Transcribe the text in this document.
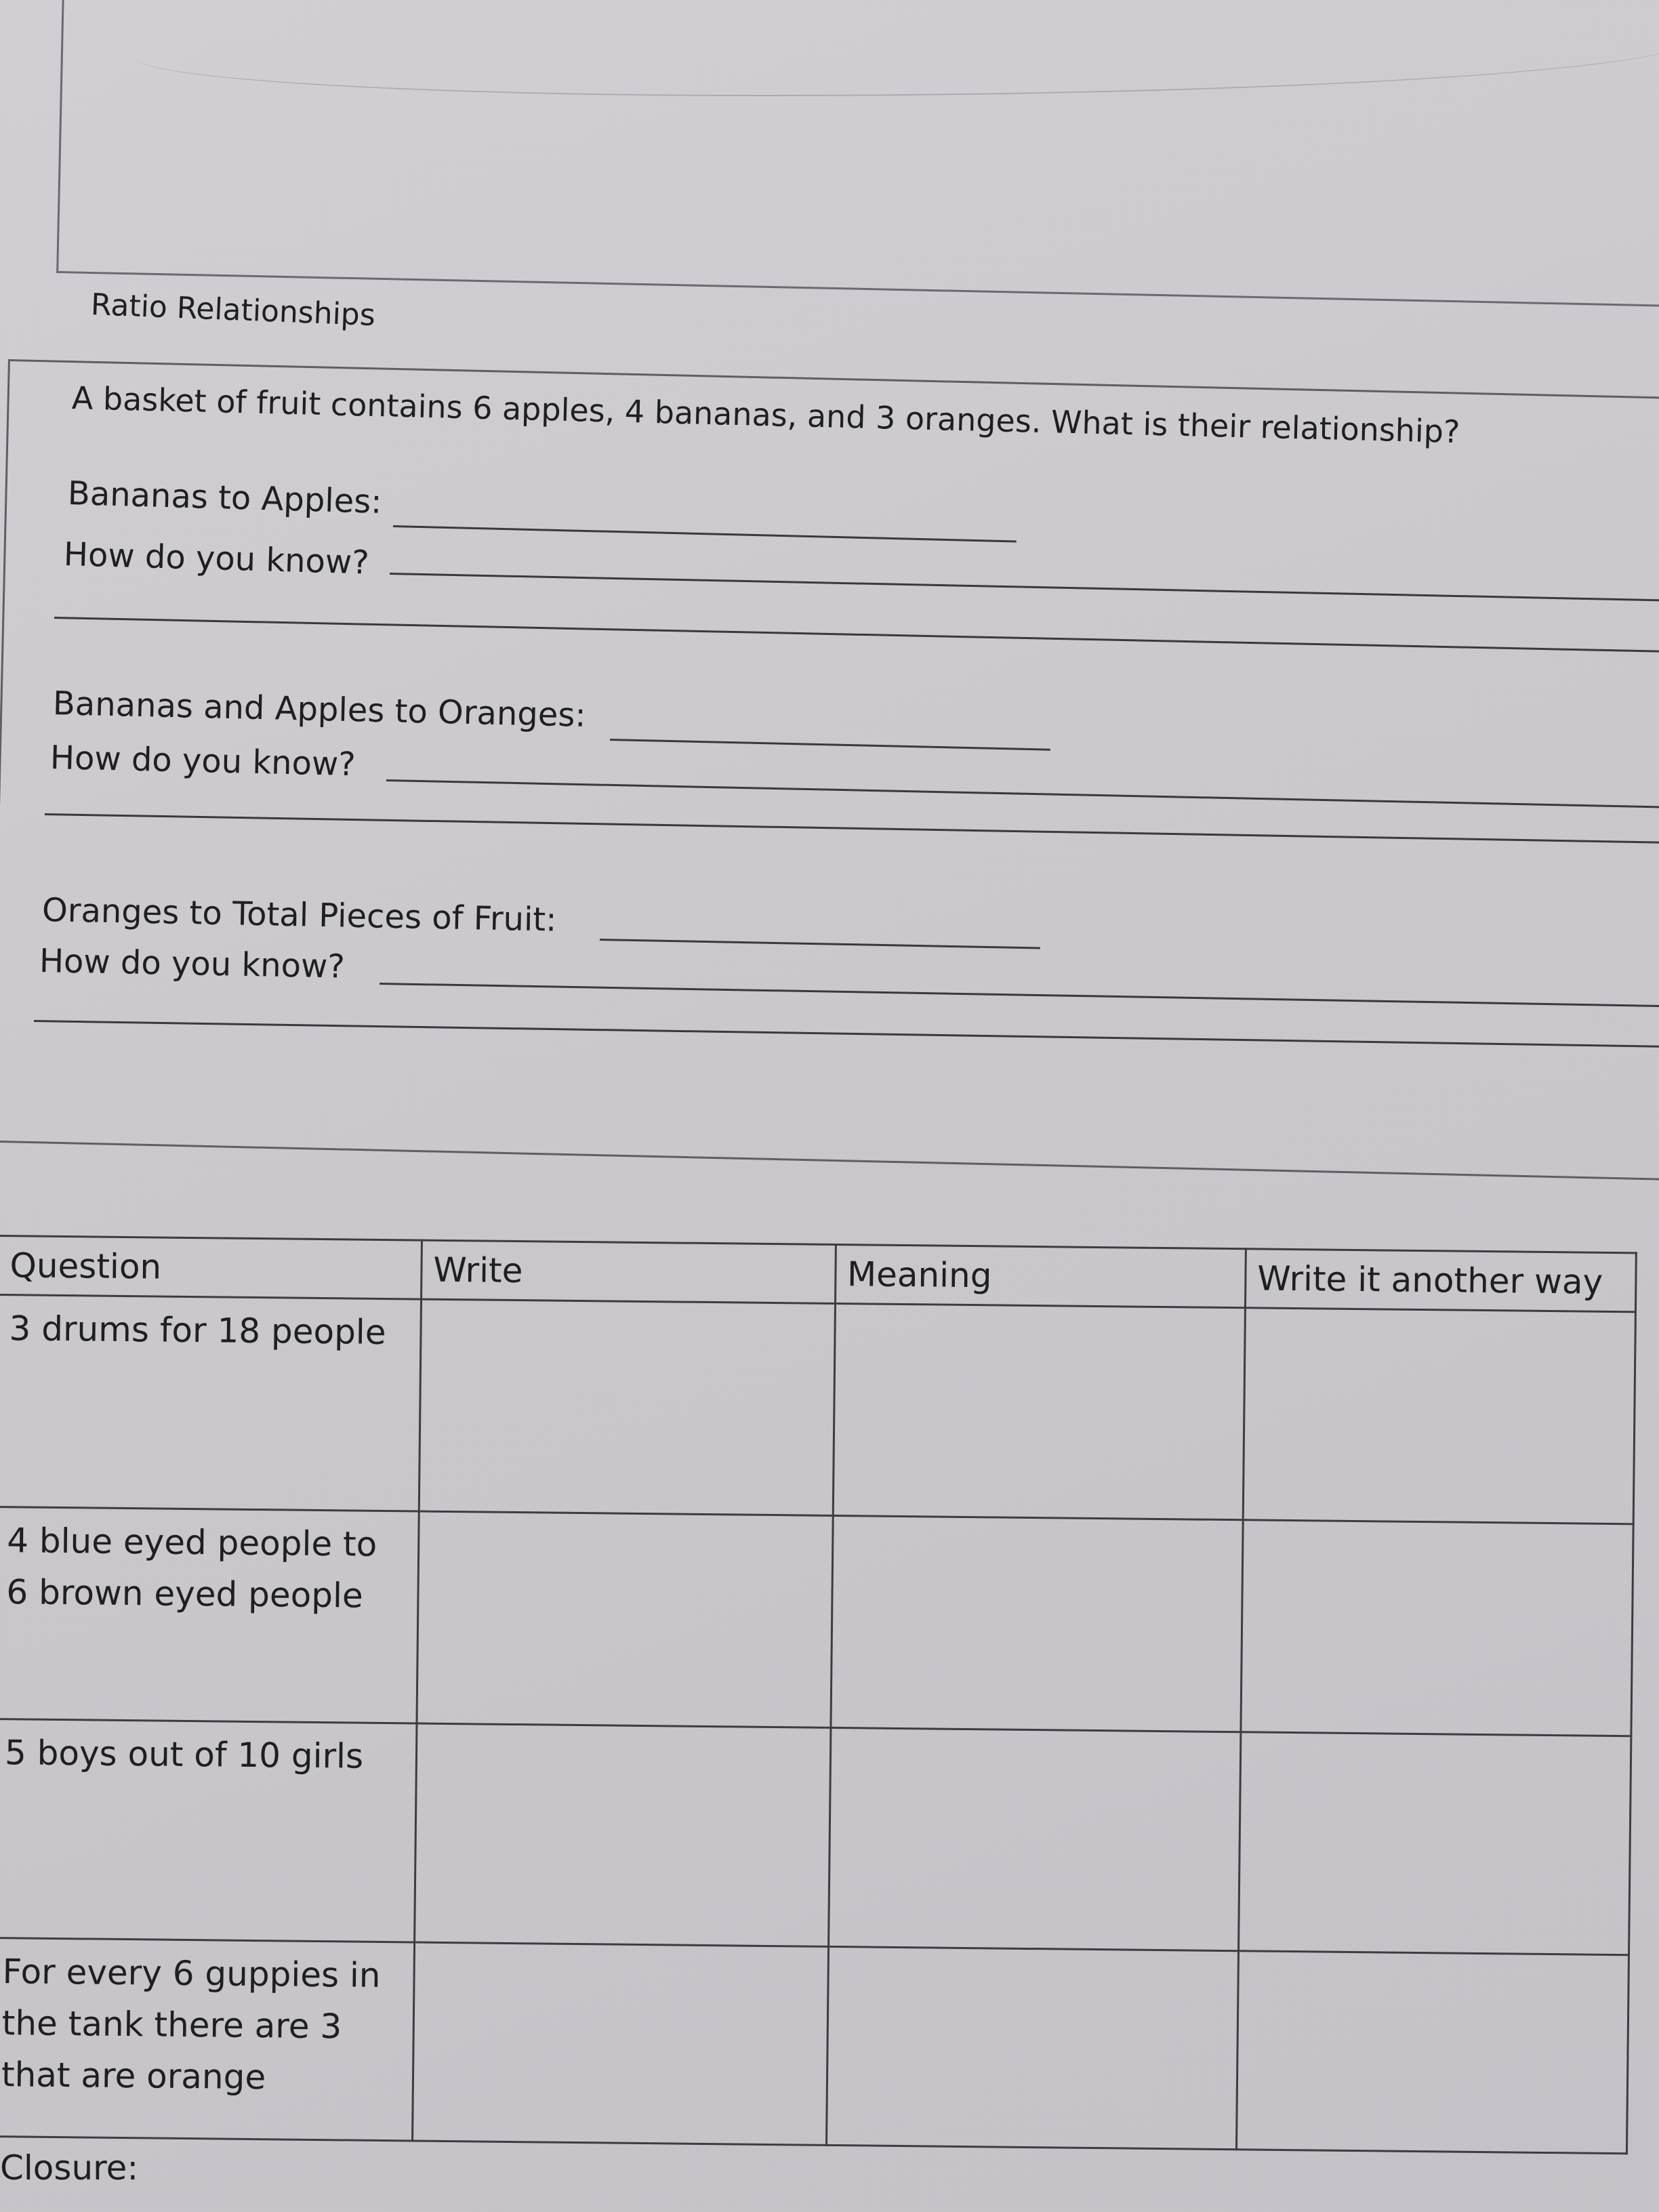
Ratio Relationships
A basket of fruit contains 6 apples, 4 bananas, and 3 oranges. What is their relationship?
Bananas to Apples:
How do you know?
Bananas and Apples to Oranges:
How do you know?
Oranges to Total Pieces of Fruit:
How do you know?
Question	Write	Meaning	Write it another way
3 drums for 18 people			
4 blue eyed people to 6 brown eyed people			
5 boys out of 10 girls			
For every 6 guppies in the tank there are 3 that are orange			
Closure:
